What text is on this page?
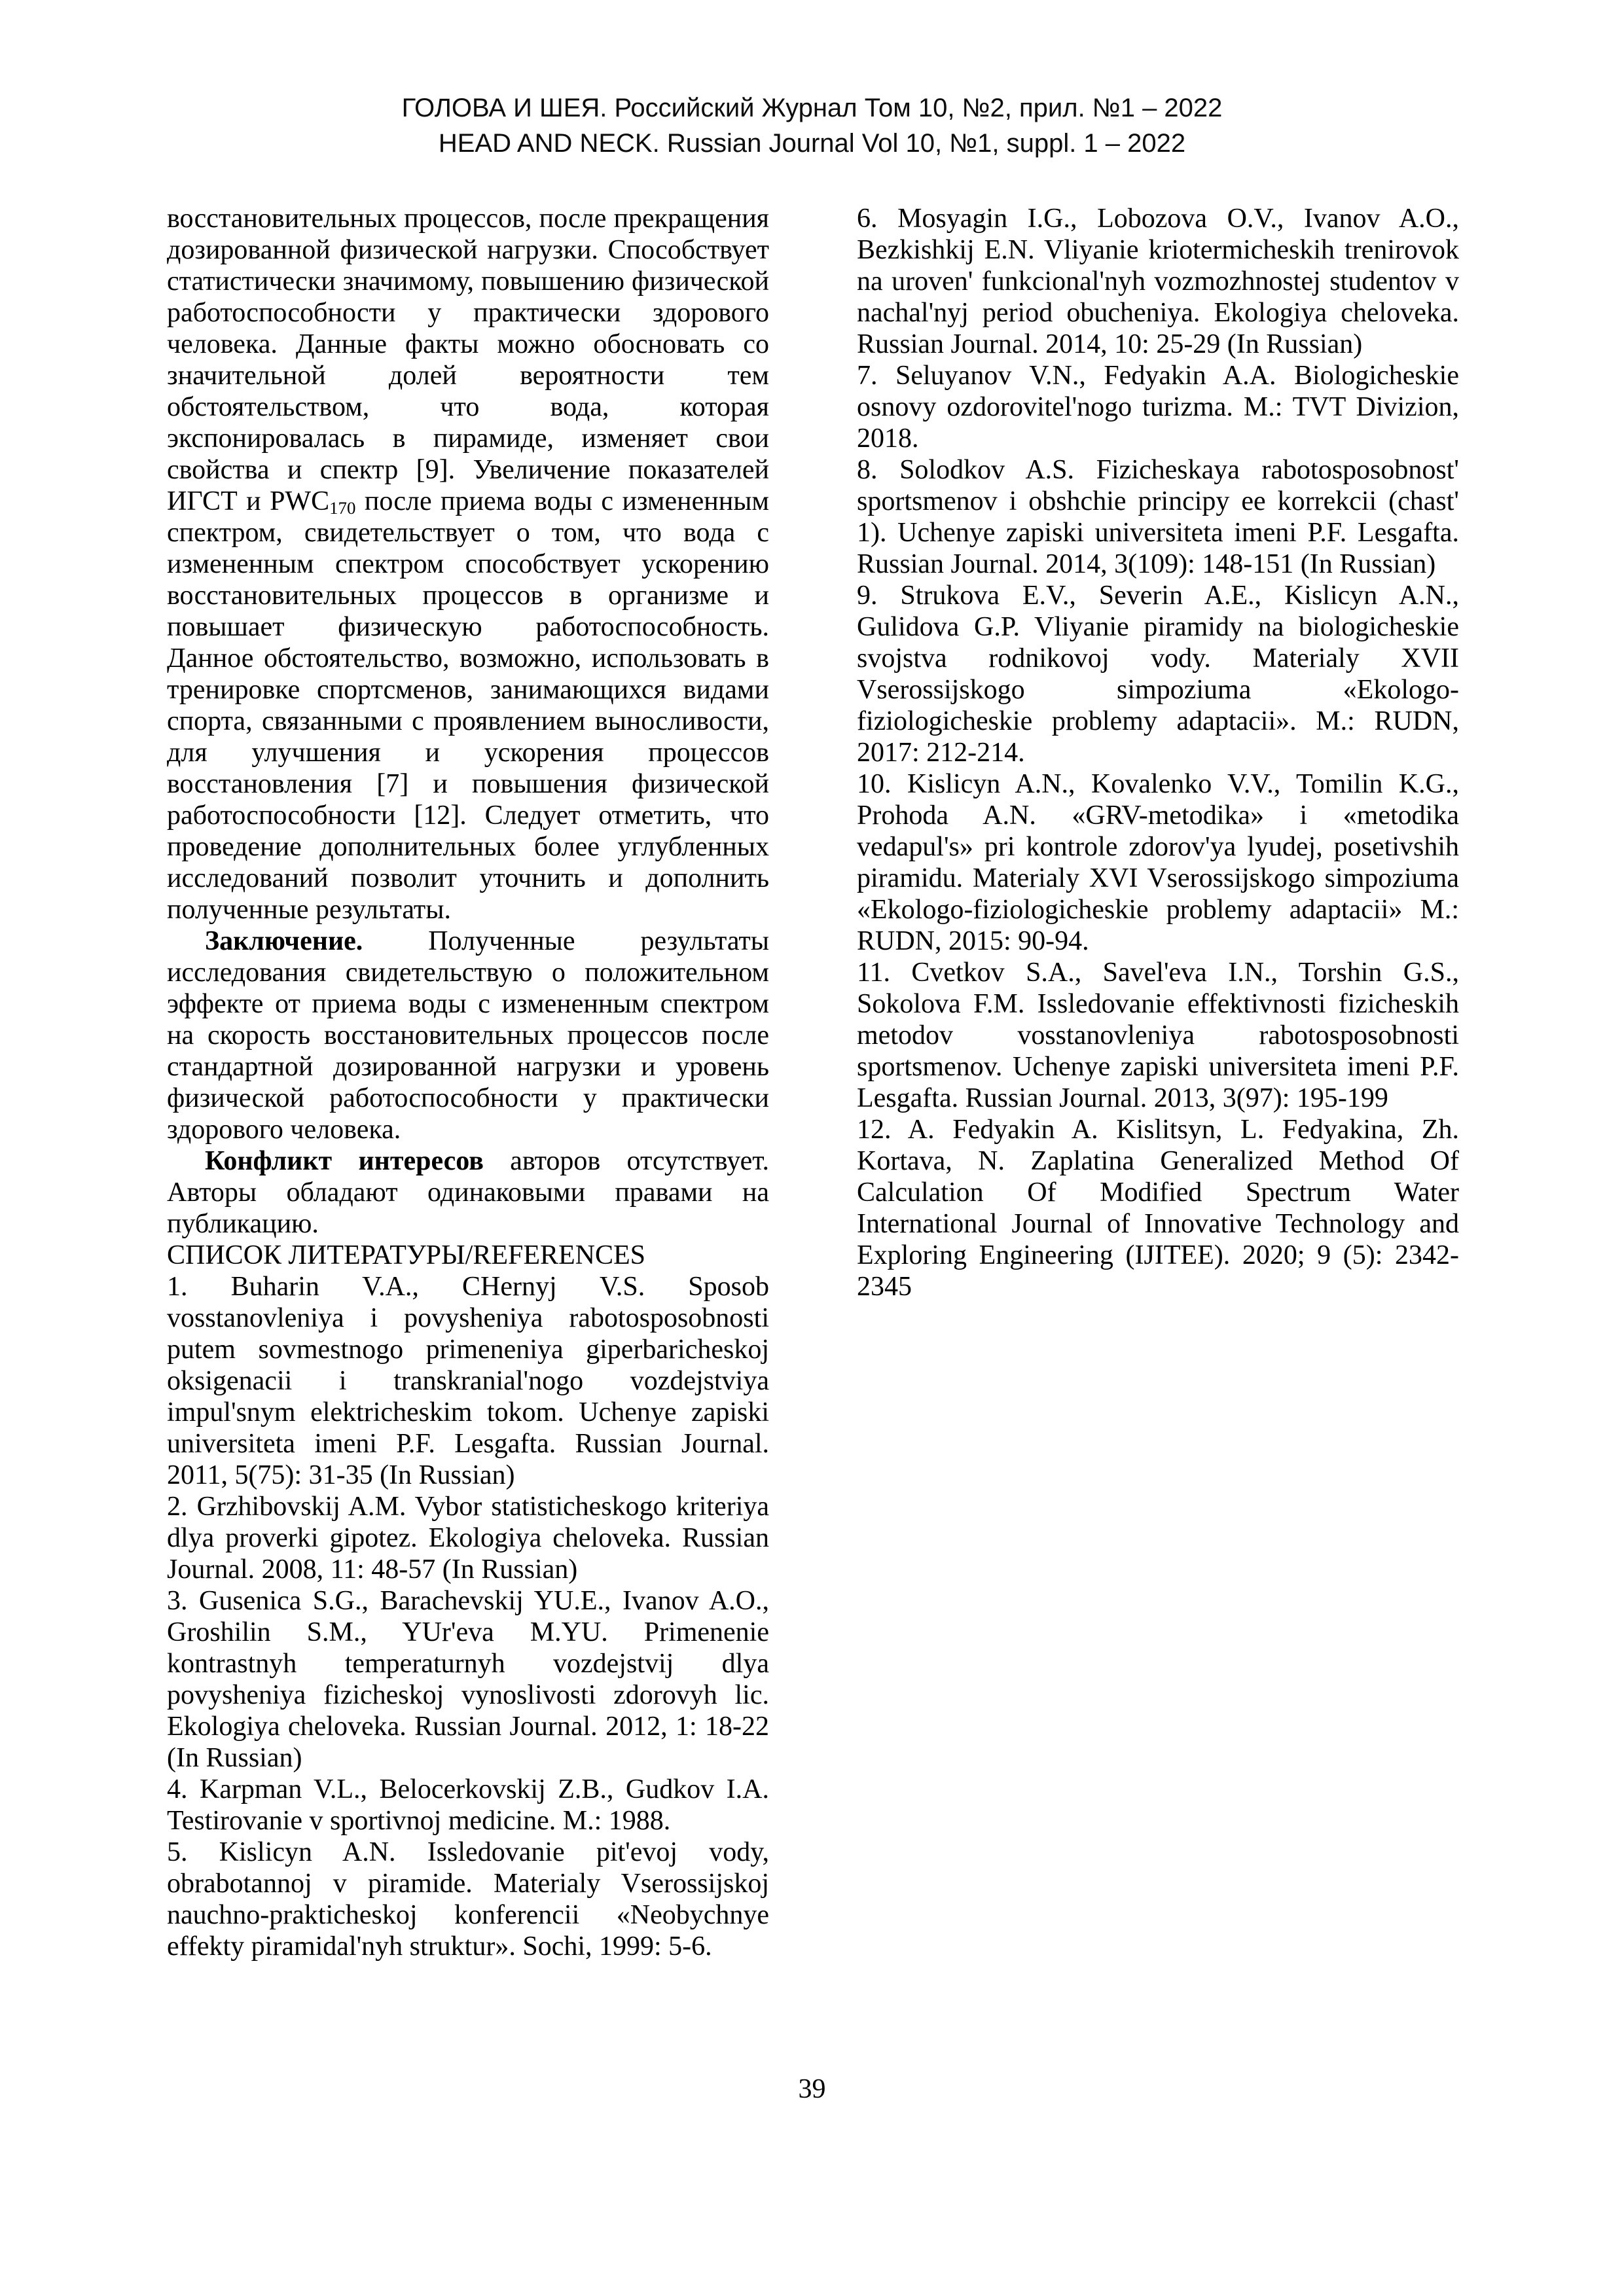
ГОЛОВА И ШЕЯ. Российский Журнал Том 10, №2, прил. №1 – 2022
HEAD AND NECK. Russian Journal Vol 10, №1, suppl. 1 – 2022

восстановительных процессов, после прекращения дозированной физической нагрузки. Способствует статистически значимому, повышению физической работоспособности у практически здорового человека. Данные факты можно обосновать со значительной долей вероятности тем обстоятельством, что вода, которая экспонировалась в пирамиде, изменяет свои свойства и спектр [9]. Увеличение показателей ИГСТ и PWC170 после приема воды с измененным спектром, свидетельствует о том, что вода с измененным спектром способствует ускорению восстановительных процессов в организме и повышает физическую работоспособность. Данное обстоятельство, возможно, использовать в тренировке спортсменов, занимающихся видами спорта, связанными с проявлением выносливости, для улучшения и ускорения процессов восстановления [7] и повышения физической работоспособности [12]. Следует отметить, что проведение дополнительных более углубленных исследований позволит уточнить и дополнить полученные результаты.

Заключение. Полученные результаты исследования свидетельствую о положительном эффекте от приема воды с измененным спектром на скорость восстановительных процессов после стандартной дозированной нагрузки и уровень физической работоспособности у практически здорового человека.

Конфликт интересов авторов отсутствует. Авторы обладают одинаковыми правами на публикацию.

СПИСОК ЛИТЕРАТУРЫ/REFERENCES

1. Buharin V.A., CHernyj V.S. Sposob vosstanovleniya i povysheniya rabotosposobnosti putem sovmestnogo primeneniya giperbaricheskoj oksigenacii i transkranial'nogo vozdejstviya impul'snym elektricheskim tokom. Uchenye zapiski universiteta imeni P.F. Lesgafta. Russian Journal. 2011, 5(75): 31-35 (In Russian)

2. Grzhibovskij A.M. Vybor statisticheskogo kriteriya dlya proverki gipotez. Ekologiya cheloveka. Russian Journal. 2008, 11: 48-57 (In Russian)

3. Gusenica S.G., Barachevskij YU.E., Ivanov A.O., Groshilin S.M., YUr'eva M.YU. Primenenie kontrastnyh temperaturnyh vozdejstvij dlya povysheniya fizicheskoj vynoslivosti zdorovyh lic. Ekologiya cheloveka. Russian Journal. 2012, 1: 18-22 (In Russian)

4. Karpman V.L., Belocerkovskij Z.B., Gudkov I.A. Testirovanie v sportivnoj medicine. M.: 1988.

5. Kislicyn A.N. Issledovanie pit'evoj vody, obrabotannoj v piramide. Materialy Vserossijskoj nauchno-prakticheskoj konferencii «Neobychnye effekty piramidal'nyh struktur». Sochi, 1999: 5-6.

6. Mosyagin I.G., Lobozova O.V., Ivanov A.O., Bezkishkij E.N. Vliyanie kriotermicheskih trenirovok na uroven' funkcional'nyh vozmozhnostej studentov v nachal'nyj period obucheniya. Ekologiya cheloveka. Russian Journal. 2014, 10: 25-29 (In Russian)

7. Seluyanov V.N., Fedyakin A.A. Biologicheskie osnovy ozdorovitel'nogo turizma. M.: TVT Divizion, 2018.

8. Solodkov A.S. Fizicheskaya rabotosposobnost' sportsmenov i obshchie principy ee korrekcii (chast' 1). Uchenye zapiski universiteta imeni P.F. Lesgafta. Russian Journal. 2014, 3(109): 148-151 (In Russian)

9. Strukova E.V., Severin A.E., Kislicyn A.N., Gulidova G.P. Vliyanie piramidy na biologicheskie svojstva rodnikovoj vody. Materialy XVII Vserossijskogo simpoziuma «Ekologo-fiziologicheskie problemy adaptacii». M.: RUDN, 2017: 212-214.

10. Kislicyn A.N., Kovalenko V.V., Tomilin K.G., Prohoda A.N. «GRV-metodika» i «metodika vedapul's» pri kontrole zdorov'ya lyudej, posetivshih piramidu. Materialy XVI Vserossijskogo simpoziuma «Ekologo-fiziologicheskie problemy adaptacii» M.: RUDN, 2015: 90-94.

11. Cvetkov S.A., Savel'eva I.N., Torshin G.S., Sokolova F.M. Issledovanie effektivnosti fizicheskih metodov vosstanovleniya rabotosposobnosti sportsmenov. Uchenye zapiski universiteta imeni P.F. Lesgafta. Russian Journal. 2013, 3(97): 195-199

12. A. Fedyakin A. Kislitsyn, L. Fedyakina, Zh. Kortava, N. Zaplatina Generalized Method Of Calculation Of Modified Spectrum Water International Journal of Innovative Technology and Exploring Engineering (IJITEE). 2020; 9 (5): 2342-2345

39
